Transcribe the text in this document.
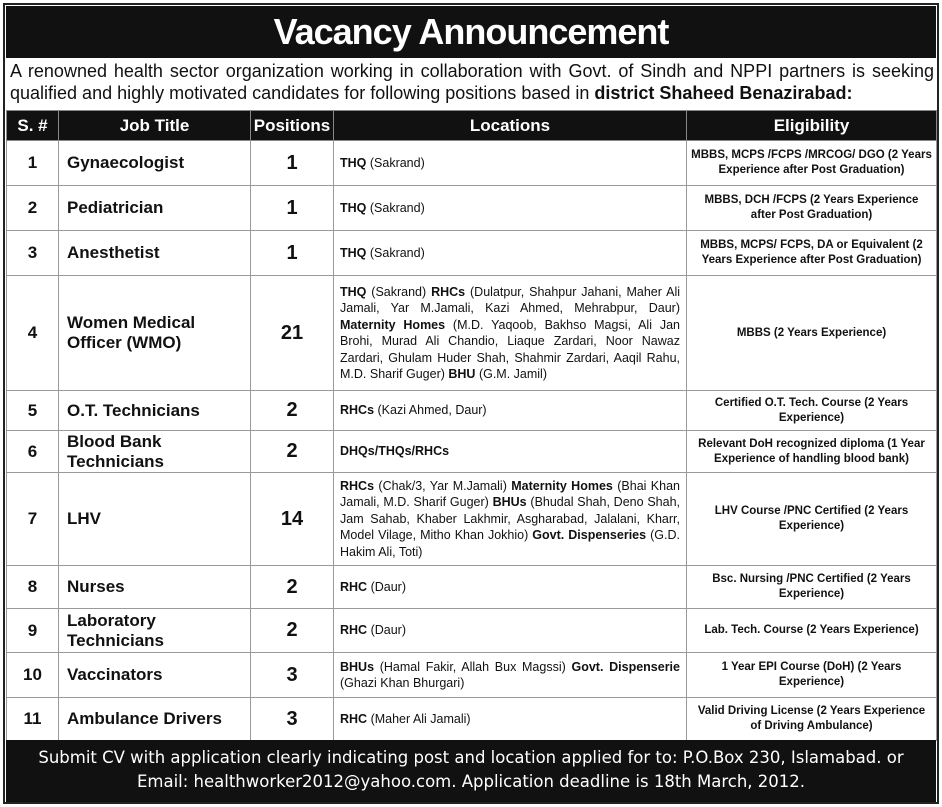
Vacancy Announcement
A renowned health sector organization working in collaboration with Govt. of Sindh and NPPI partners is seeking qualified and highly motivated candidates for following positions based in district Shaheed Benazirabad:
S. #	Job Title	Positions	Locations	Eligibility
1	Gynaecologist	1	THQ (Sakrand)	MBBS, MCPS /FCPS /MRCOG/ DGO (2 Years Experience after Post Graduation)
2	Pediatrician	1	THQ (Sakrand)	MBBS, DCH /FCPS (2 Years Experience after Post Graduation)
3	Anesthetist	1	THQ (Sakrand)	MBBS, MCPS/ FCPS, DA or Equivalent (2 Years Experience after Post Graduation)
4	Women Medical Officer (WMO)	21	THQ (Sakrand) RHCs (Dulatpur, Shahpur Jahani, Maher Ali Jamali, Yar M.Jamali, Kazi Ahmed, Mehrabpur, Daur) Maternity Homes (M.D. Yaqoob, Bakhso Magsi, Ali Jan Brohi, Murad Ali Chandio, Liaque Zardari, Noor Nawaz Zardari, Ghulam Huder Shah, Shahmir Zardari, Aaqil Rahu, M.D. Sharif Guger) BHU (G.M. Jamil)	MBBS (2 Years Experience)
5	O.T. Technicians	2	RHCs (Kazi Ahmed, Daur)	Certified O.T. Tech. Course (2 Years Experience)
6	Blood Bank Technicians	2	DHQs/THQs/RHCs	Relevant DoH recognized diploma (1 Year Experience of handling blood bank)
7	LHV	14	RHCs (Chak/3, Yar M.Jamali) Maternity Homes (Bhai Khan Jamali, M.D. Sharif Guger) BHUs (Bhudal Shah, Deno Shah, Jam Sahab, Khaber Lakhmir, Asgharabad, Jalalani, Kharr, Model Vilage, Mitho Khan Jokhio) Govt. Dispenseries (G.D. Hakim Ali, Toti)	LHV Course /PNC Certified (2 Years Experience)
8	Nurses	2	RHC (Daur)	Bsc. Nursing /PNC Certified (2 Years Experience)
9	Laboratory Technicians	2	RHC (Daur)	Lab. Tech. Course (2 Years Experience)
10	Vaccinators	3	BHUs (Hamal Fakir, Allah Bux Magssi) Govt. Dispenserie (Ghazi Khan Bhurgari)	1 Year EPI Course (DoH) (2 Years Experience)
11	Ambulance Drivers	3	RHC (Maher Ali Jamali)	Valid Driving License (2 Years Experience of Driving Ambulance)
Submit CV with application clearly indicating post and location applied for to: P.O.Box 230, Islamabad. or
Email: healthworker2012@yahoo.com. Application deadline is 18th March, 2012.
